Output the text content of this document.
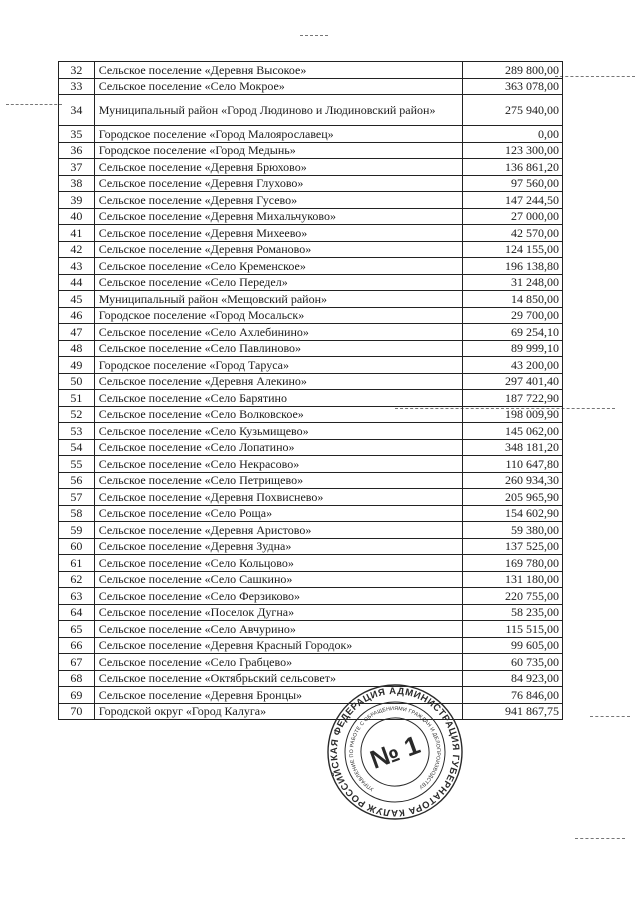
32	Сельское поселение «Деревня Высокое»	289 800,00
33	Сельское поселение «Село Мокрое»	363 078,00
34	Муниципальный район «Город Людиново и Людиновский район»	275 940,00
35	Городское поселение «Город Малоярославец»	0,00
36	Городское поселение «Город Медынь»	123 300,00
37	Сельское поселение «Деревня Брюхово»	136 861,20
38	Сельское поселение «Деревня Глухово»	97 560,00
39	Сельское поселение «Деревня Гусево»	147 244,50
40	Сельское поселение «Деревня Михальчуково»	27 000,00
41	Сельское поселение «Деревня Михеево»	42 570,00
42	Сельское поселение «Деревня Романово»	124 155,00
43	Сельское поселение «Село Кременское»	196 138,80
44	Сельское поселение «Село Передел»	31 248,00
45	Муниципальный район «Мещовский район»	14 850,00
46	Городское поселение «Город Мосальск»	29 700,00
47	Сельское поселение «Село Ахлебинино»	69 254,10
48	Сельское поселение «Село Павлиново»	89 999,10
49	Городское поселение «Город Таруса»	43 200,00
50	Сельское поселение «Деревня Алекино»	297 401,40
51	Сельское поселение «Село Барятино	187 722,90
52	Сельское поселение «Село Волковское»	198 009,90
53	Сельское поселение «Село Кузьмищево»	145 062,00
54	Сельское поселение «Село Лопатино»	348 181,20
55	Сельское поселение «Село Некрасово»	110 647,80
56	Сельское поселение «Село Петрищево»	260 934,30
57	Сельское поселение «Деревня Похвиснево»	205 965,90
58	Сельское поселение «Село Роща»	154 602,90
59	Сельское поселение «Деревня Аристово»	59 380,00
60	Сельское поселение «Деревня Зудна»	137 525,00
61	Сельское поселение «Село Кольцово»	169 780,00
62	Сельское поселение «Село Сашкино»	131 180,00
63	Сельское поселение «Село Ферзиково»	220 755,00
64	Сельское поселение «Поселок Дугна»	58 235,00
65	Сельское поселение «Село Авчурино»	115 515,00
66	Сельское поселение «Деревня Красный Городок»	99 605,00
67	Сельское поселение «Село Грабцево»	60 735,00
68	Сельское поселение «Октябрьский сельсовет»	84 923,00
69	Сельское поселение «Деревня Бронцы»	76 846,00
70	Городской округ «Город Калуга»	941 867,75
РОССИЙСКАЯ ФЕДЕРАЦИЯ АДМИНИСТРАЦИЯ ГУБЕРНАТОРА КАЛУЖСКОЙ
УПРАВЛЕНИЕ ПО РАБОТЕ С ОБРАЩЕНИЯМИ ГРАЖДАН И ДЕЛОПРОИЗВОДСТВУ
№ 1
